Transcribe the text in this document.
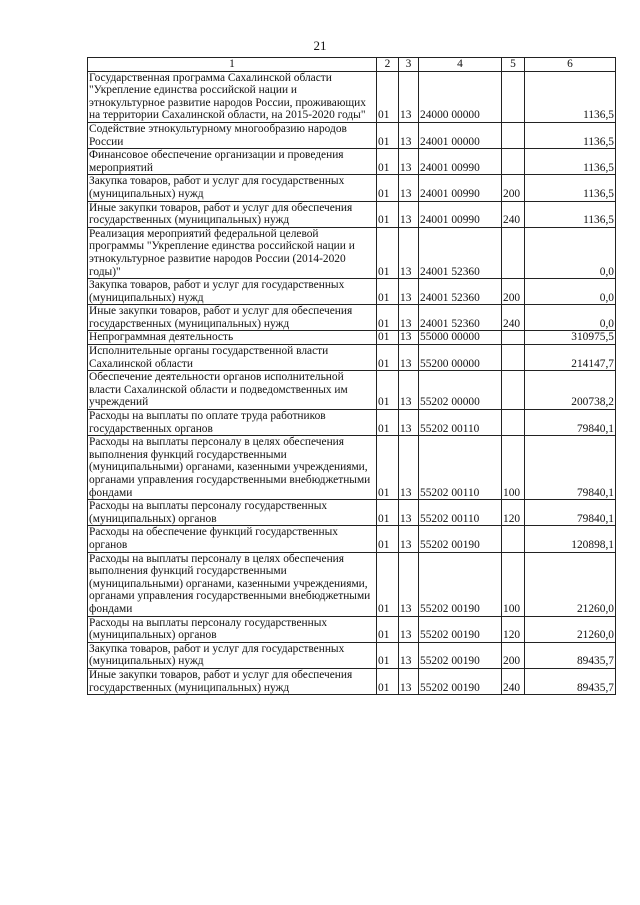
21
1	2	3	4	5	6
Государственная программа Сахалинской области "Укрепление единства российской нации и этнокультурное развитие народов России, проживающих на территории Сахалинской области, на 2015-2020 годы"	01	13	24000 00000		1136,5
Содействие этнокультурному многообразию народов России	01	13	24001 00000		1136,5
Финансовое обеспечение организации и проведения мероприятий	01	13	24001 00990		1136,5
Закупка товаров, работ и услуг для государственных (муниципальных) нужд	01	13	24001 00990	200	1136,5
Иные закупки товаров, работ и услуг для обеспечения государственных (муниципальных) нужд	01	13	24001 00990	240	1136,5
Реализация мероприятий федеральной целевой программы "Укрепление единства российской нации и этнокультурное развитие народов России (2014-2020 годы)"	01	13	24001 52360		0,0
Закупка товаров, работ и услуг для государственных (муниципальных) нужд	01	13	24001 52360	200	0,0
Иные закупки товаров, работ и услуг для обеспечения государственных (муниципальных) нужд	01	13	24001 52360	240	0,0
Непрограммная деятельность	01	13	55000 00000		310975,5
Исполнительные органы государственной власти Сахалинской области	01	13	55200 00000		214147,7
Обеспечение деятельности органов исполнительной власти Сахалинской области и подведомственных им учреждений	01	13	55202 00000		200738,2
Расходы на выплаты по оплате труда работников государственных органов	01	13	55202 00110		79840,1
Расходы на выплаты персоналу в целях обеспечения выполнения функций государственными (муниципальными) органами, казенными учреждениями, органами управления государственными внебюджетными фондами	01	13	55202 00110	100	79840,1
Расходы на выплаты персоналу государственных (муниципальных) органов	01	13	55202 00110	120	79840,1
Расходы на обеспечение функций государственных органов	01	13	55202 00190		120898,1
Расходы на выплаты персоналу в целях обеспечения выполнения функций государственными (муниципальными) органами, казенными учреждениями, органами управления государственными внебюджетными фондами	01	13	55202 00190	100	21260,0
Расходы на выплаты персоналу государственных (муниципальных) органов	01	13	55202 00190	120	21260,0
Закупка товаров, работ и услуг для государственных (муниципальных) нужд	01	13	55202 00190	200	89435,7
Иные закупки товаров, работ и услуг для обеспечения государственных (муниципальных) нужд	01	13	55202 00190	240	89435,7
